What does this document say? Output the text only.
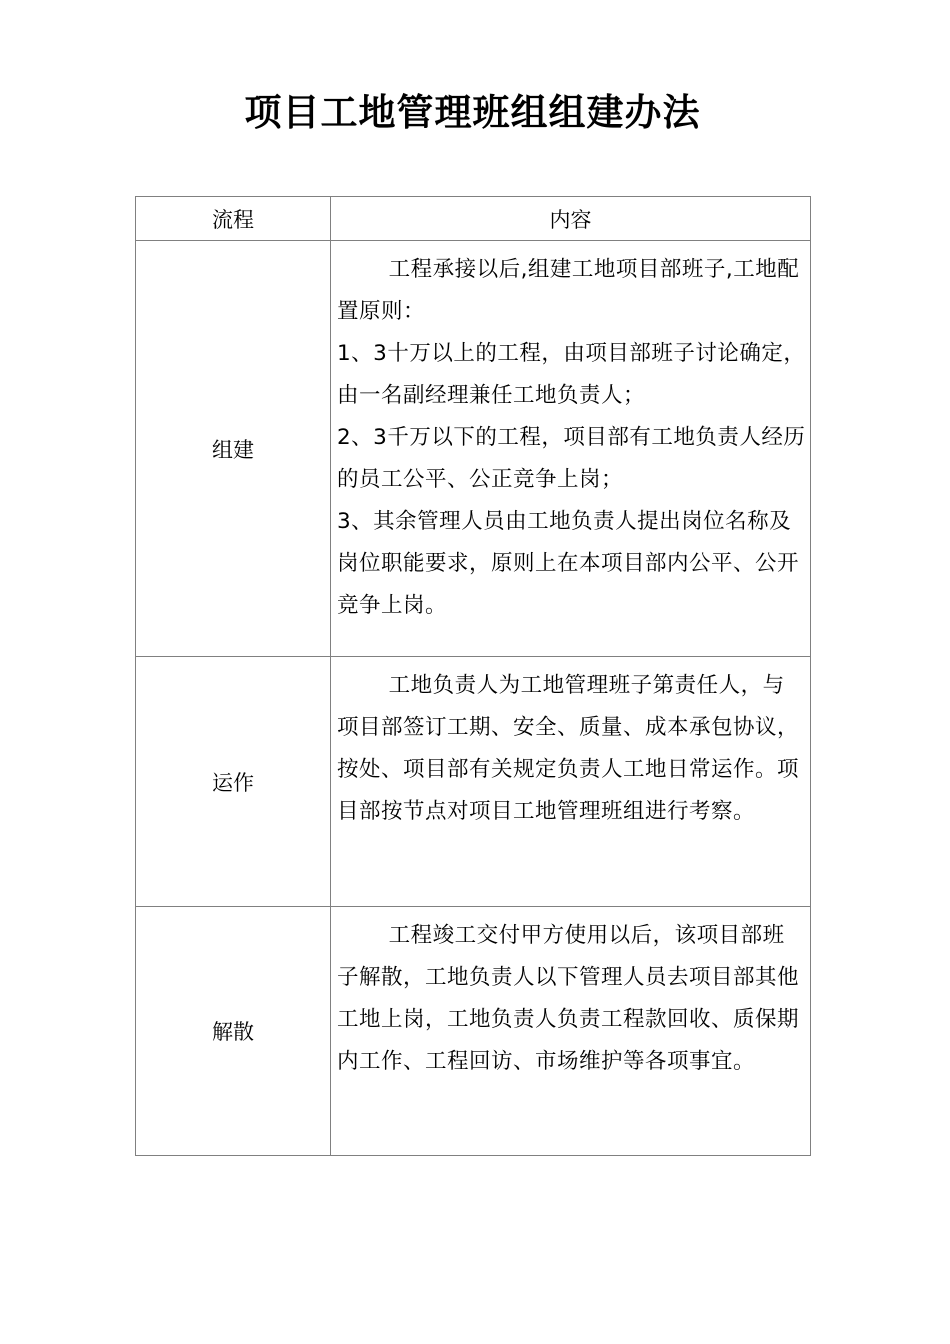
项目工地管理班组组建办法
流程	内容
组建	工程承接以后,组建工地项目部班子,工地配置原则：

1、3十万以上的工程，由项目部班子讨论确定，由一名副经理兼任工地负责人；

2、3千万以下的工程，项目部有工地负责人经历的员工公平、公正竞争上岗；

3、其余管理人员由工地负责人提出岗位名称及岗位职能要求，原则上在本项目部内公平、公开竞争上岗。

运作	工地负责人为工地管理班子第责任人，与项目部签订工期、安全、质量、成本承包协议，按处、项目部有关规定负责人工地日常运作。项目部按节点对项目工地管理班组进行考察。

解散	工程竣工交付甲方使用以后，该项目部班子解散，工地负责人以下管理人员去项目部其他工地上岗，工地负责人负责工程款回收、质保期内工作、工程回访、市场维护等各项事宜。
